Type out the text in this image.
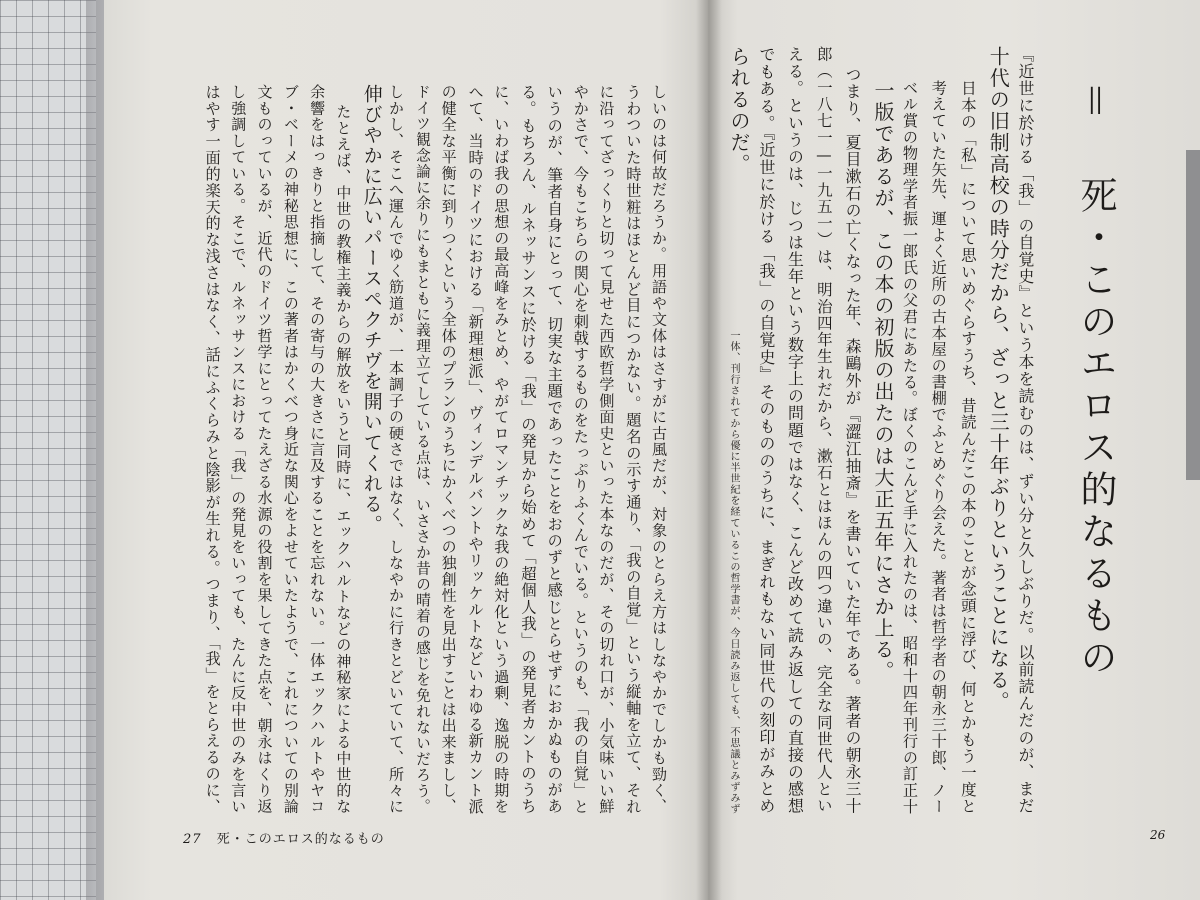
Ⅱ 死・このエロス的なるもの
『近世に於ける「我」の自覚史』という本を読むのは、ずい分と久しぶりだ。以前読んだのが、まだ
十代の旧制高校の時分だから、ざっと三十年ぶりということになる。
日本の「私」について思いめぐらすうち、昔読んだこの本のことが念頭に浮び、何とかもう一度と
考えていた矢先、運よく近所の古本屋の書棚でふとめぐり会えた。著者は哲学者の朝永三十郎、ノー
ベル賞の物理学者振一郎氏の父君にあたる。ぼくのこんど手に入れたのは、昭和十四年刊行の訂正十
一版であるが、この本の初版の出たのは大正五年にさか上る。
つまり、夏目漱石の亡くなった年、森鷗外が『澀江抽斎』を書いていた年である。著者の朝永三十
郎（一八七一—一九五一）は、明治四年生れだから、漱石とはほんの四つ違いの、完全な同世代人とい
える。というのは、じつは生年という数字上の問題ではなく、こんど改めて読み返しての直接の感想
でもある。『近世に於ける「我」の自覚史』そのもののうちに、まぎれもない同世代の刻印がみとめ
られるのだ。
一体、刊行されてから優に半世紀を経ているこの哲学書が、今日読み返しても、不思議とみずみず
26
しいのは何故だろうか。用語や文体はさすがに古風だが、対象のとらえ方はしなやかでしかも勁く、
うわついた時世粧はほとんど目につかない。題名の示す通り、「我の自覚」という縦軸を立て、それ
に沿ってざっくりと切って見せた西欧哲学側面史といった本なのだが、その切れ口が、小気味いい鮮
やかさで、今もこちらの関心を刺戟するものをたっぷりふくんでいる。というのも、「我の自覚」と
いうのが、筆者自身にとって、切実な主題であったことをおのずと感じとらせずにおかぬものがあ
る。もちろん、ルネッサンスに於ける「我」の発見から始めて「超個人我」の発見者カントのうち
に、いわば我の思想の最高峰をみとめ、やがてロマンチックな我の絶対化という過剰、逸脱の時期を
へて、当時のドイツにおける「新理想派」、ヴィンデルバントやリッケルトなどいわゆる新カント派
の健全な平衡に到りつくという全体のプランのうちにかくべつの独創性を見出すことは出来ましし、
ドイツ観念論に余りにもまともに義理立てしている点は、いささか昔の晴着の感じを免れないだろう。
しかし、そこへ運んでゆく筋道が、一本調子の硬さではなく、しなやかに行きとどいていて、所々に
伸びやかに広いパースペクチヴを開いてくれる。
たとえば、中世の教権主義からの解放をいうと同時に、エックハルトなどの神秘家による中世的な
余響をはっきりと指摘して、その寄与の大きさに言及することを忘れない。一体エックハルトやヤコ
ブ・ベーメの神秘思想に、この著者はかくべつ身近な関心をよせていたようで、これについての別論
文ものっているが、近代のドイツ哲学にとってたえざる水源の役割を果してきた点を、朝永はくり返
し強調している。そこで、ルネッサンスにおける「我」の発見をいっても、たんに反中世のみを言い
はやす一面的楽天的な浅さはなく、話にふくらみと陰影が生れる。つまり、「我」をとらえるのに、
27 死・このエロス的なるもの
